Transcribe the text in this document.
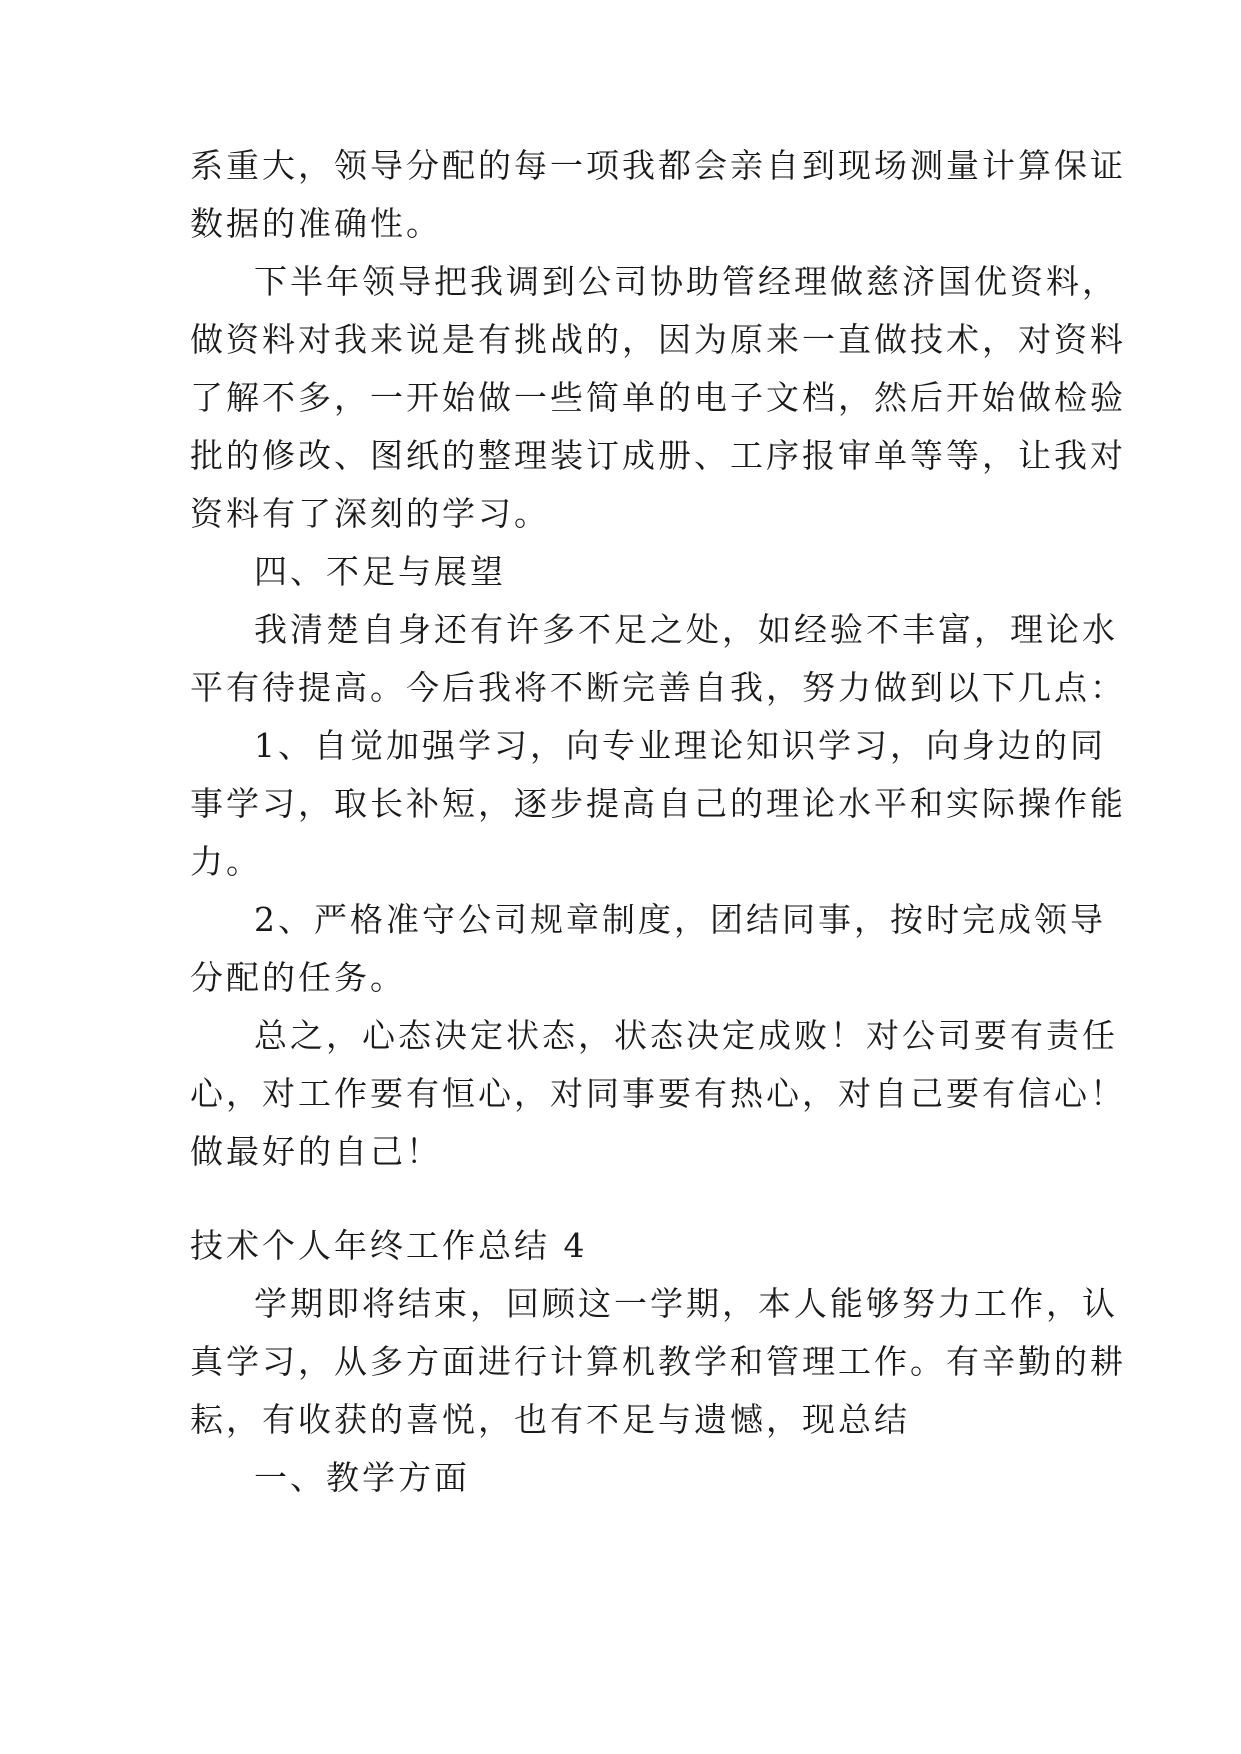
系重大，领导分配的每一项我都会亲自到现场测量计算保证
数据的准确性。
下半年领导把我调到公司协助管经理做慈济国优资料，
做资料对我来说是有挑战的，因为原来一直做技术，对资料
了解不多，一开始做一些简单的电子文档，然后开始做检验
批的修改、图纸的整理装订成册、工序报审单等等，让我对
资料有了深刻的学习。
四、不足与展望
我清楚自身还有许多不足之处，如经验不丰富，理论水
平有待提高。今后我将不断完善自我，努力做到以下几点：
1、自觉加强学习，向专业理论知识学习，向身边的同
事学习，取长补短，逐步提高自己的理论水平和实际操作能
力。
2、严格准守公司规章制度，团结同事，按时完成领导
分配的任务。
总之，心态决定状态，状态决定成败！对公司要有责任
心，对工作要有恒心，对同事要有热心，对自己要有信心！
做最好的自己！
技术个人年终工作总结 4
学期即将结束，回顾这一学期，本人能够努力工作，认
真学习，从多方面进行计算机教学和管理工作。有辛勤的耕
耘，有收获的喜悦，也有不足与遗憾，现总结
一、教学方面
